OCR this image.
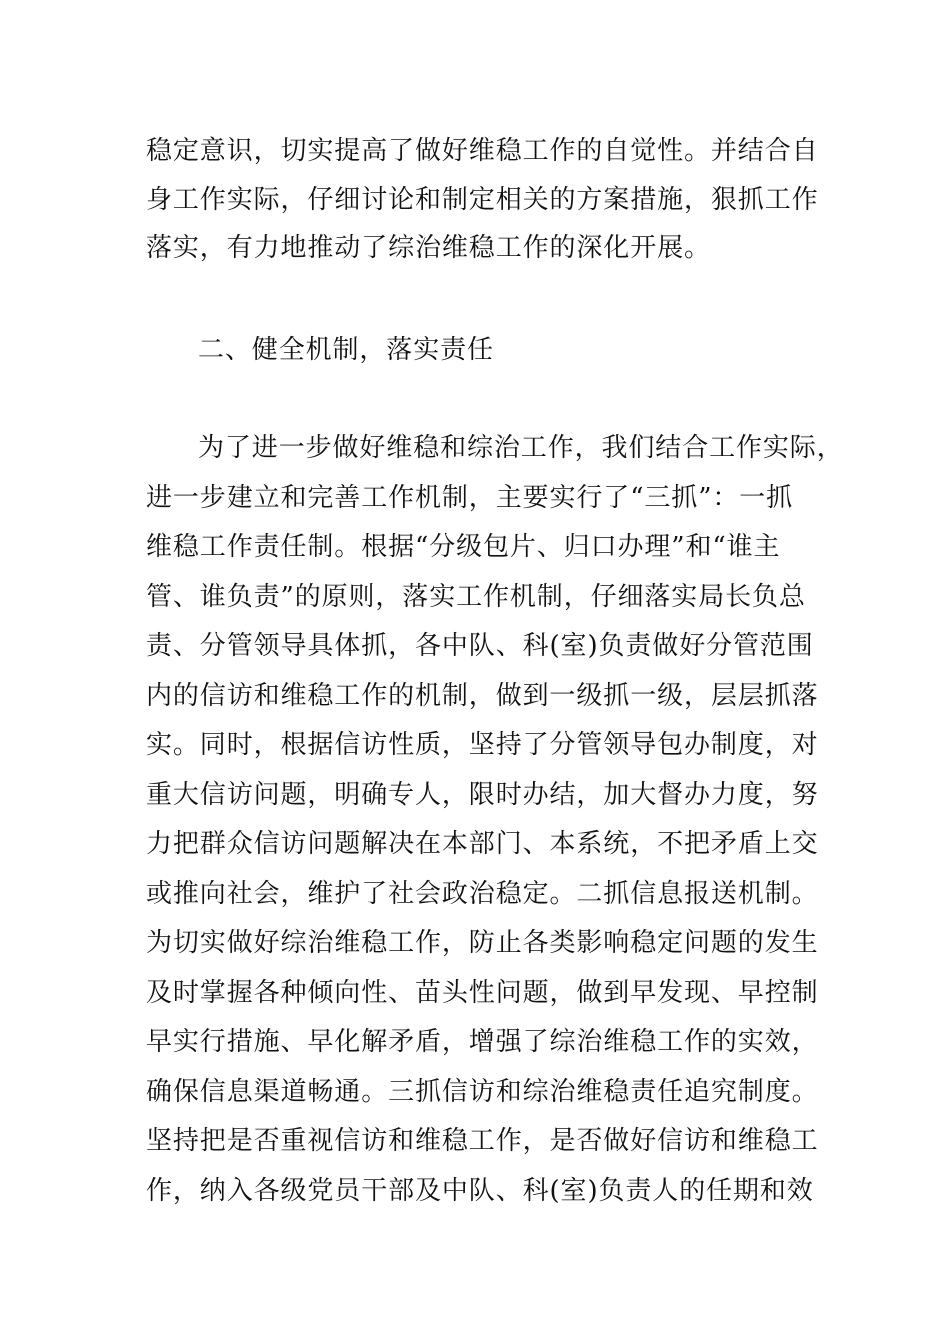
稳定意识，切实提高了做好维稳工作的自觉性。并结合自
身工作实际，仔细讨论和制定相关的方案措施，狠抓工作
落实，有力地推动了综治维稳工作的深化开展。
二、健全机制，落实责任
为了进一步做好维稳和综治工作，我们结合工作实际，
进一步建立和完善工作机制，主要实行了“三抓”：一抓
维稳工作责任制。根据“分级包片、归口办理”和“谁主
管、谁负责”的原则，落实工作机制，仔细落实局长负总
责、分管领导具体抓，各中队、科(室)负责做好分管范围
内的信访和维稳工作的机制，做到一级抓一级，层层抓落
实。同时，根据信访性质，坚持了分管领导包办制度，对
重大信访问题，明确专人，限时办结，加大督办力度，努
力把群众信访问题解决在本部门、本系统，不把矛盾上交
或推向社会，维护了社会政治稳定。二抓信息报送机制。
为切实做好综治维稳工作，防止各类影响稳定问题的发生
及时掌握各种倾向性、苗头性问题，做到早发现、早控制
早实行措施、早化解矛盾，增强了综治维稳工作的实效，
确保信息渠道畅通。三抓信访和综治维稳责任追究制度。
坚持把是否重视信访和维稳工作，是否做好信访和维稳工
作，纳入各级党员干部及中队、科(室)负责人的任期和效
